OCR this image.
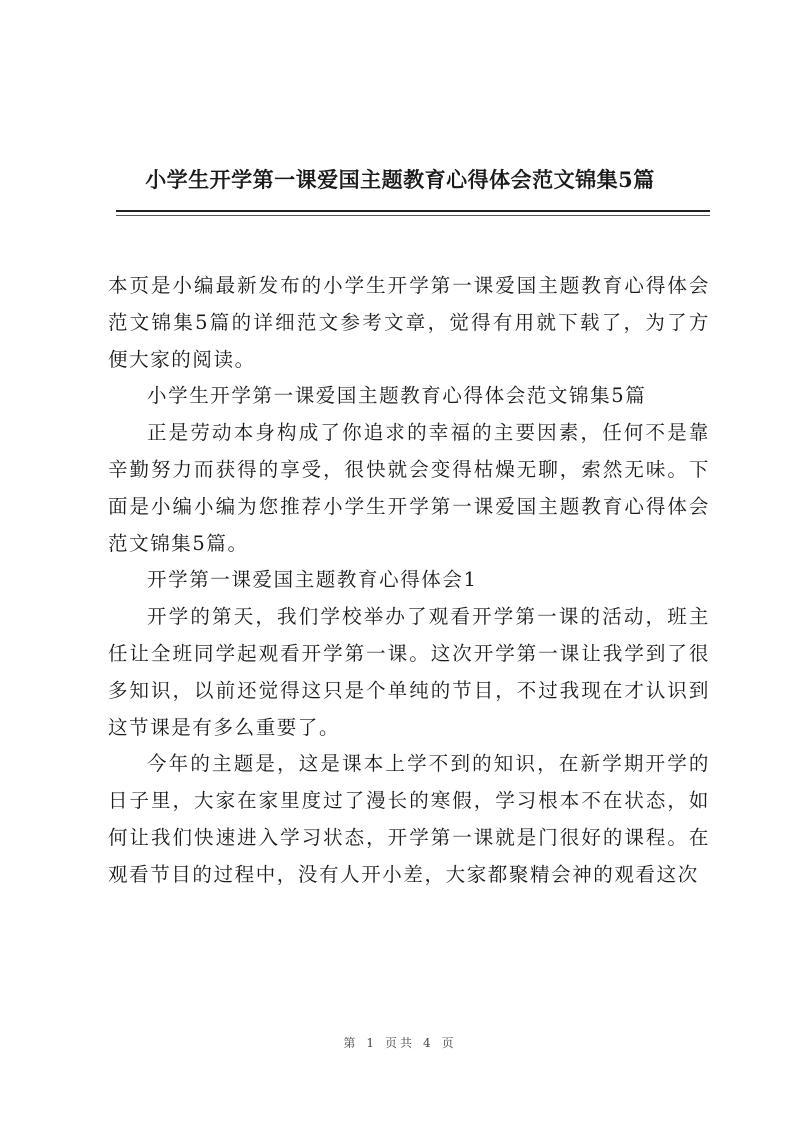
小学生开学第一课爱国主题教育心得体会范文锦集5篇

本页是小编最新发布的小学生开学第一课爱国主题教育心得体会范文锦集5篇的详细范文参考文章，觉得有用就下载了，为了方便大家的阅读。

小学生开学第一课爱国主题教育心得体会范文锦集5篇

正是劳动本身构成了你追求的幸福的主要因素，任何不是靠辛勤努力而获得的享受，很快就会变得枯燥无聊，索然无味。下面是小编小编为您推荐小学生开学第一课爱国主题教育心得体会范文锦集5篇。

开学第一课爱国主题教育心得体会1

开学的第天，我们学校举办了观看开学第一课的活动，班主任让全班同学起观看开学第一课。这次开学第一课让我学到了很多知识，以前还觉得这只是个单纯的节目，不过我现在才认识到这节课是有多么重要了。

今年的主题是，这是课本上学不到的知识，在新学期开学的日子里，大家在家里度过了漫长的寒假，学习根本不在状态，如何让我们快速进入学习状态，开学第一课就是门很好的课程。在观看节目的过程中，没有人开小差，大家都聚精会神的观看这次

第 1 页共 4 页
